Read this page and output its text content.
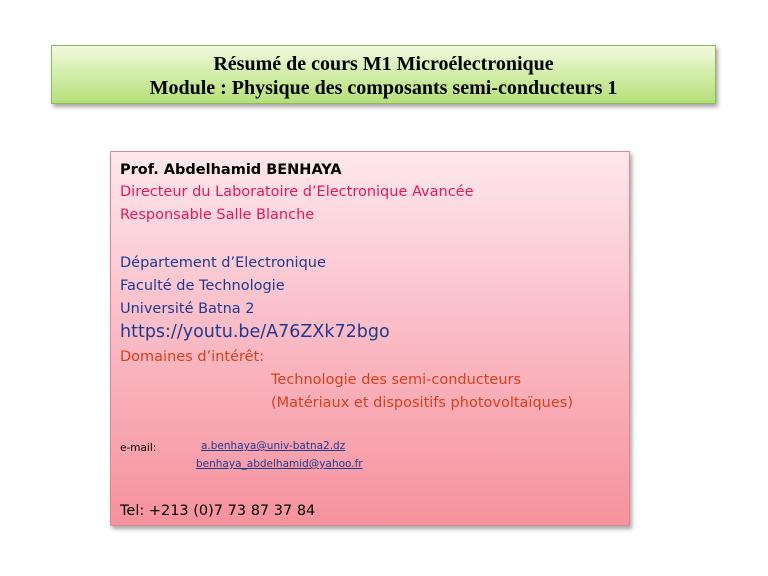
Résumé de cours M1 Microélectronique
Module : Physique des composants semi-conducteurs 1
Prof. Abdelhamid BENHAYA
Directeur du Laboratoire d’Electronique Avancée
Responsable Salle Blanche
Département d’Electronique
Faculté de Technologie
Université Batna 2
https://youtu.be/A76ZXk72bgo
Domaines d’intérêt:
Technologie des semi-conducteurs
(Matériaux et dispositifs photovoltaïques)
e-mail:	a.benhaya@univ-batna2.dz
benhaya_abdelhamid@yahoo.fr
Tel: +213 (0)7 73 87 37 84
